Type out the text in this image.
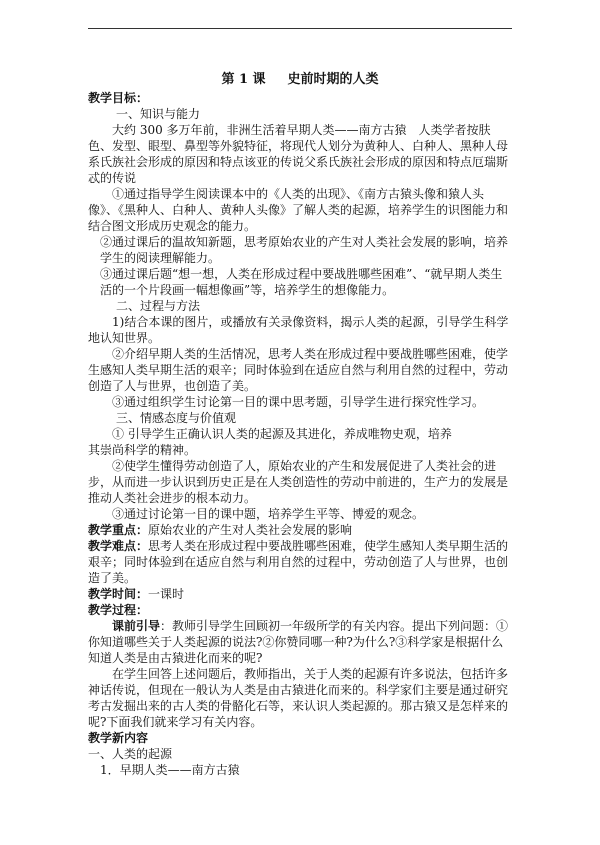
第 1 课 史前时期的人类

教学目标：

一、知识与能力

大约 300 多万年前，非洲生活着早期人类——南方古猿　人类学者按肤色、发型、眼型、鼻型等外貌特征，将现代人划分为黄种人、白种人、黑种人母系氏族社会形成的原因和特点该亚的传说父系氏族社会形成的原因和特点厄瑞斯忒的传说

①通过指导学生阅读课本中的《人类的出现》、《南方古猿头像和猿人头像》、《黑种人、白种人、黄种人头像》了解人类的起源，培养学生的识图能力和结合图文形成历史观念的能力。

②通过课后的温故知新题，思考原始农业的产生对人类社会发展的影响，培养学生的阅读理解能力。

③通过课后题“想一想，人类在形成过程中要战胜哪些困难”、“就早期人类生活的一个片段画一幅想像画”等，培养学生的想像能力。

二、过程与方法

1)结合本课的图片，或播放有关录像资料，揭示人类的起源，引导学生科学地认知世界。

②介绍早期人类的生活情况，思考人类在形成过程中要战胜哪些困难，使学生感知人类早期生活的艰辛；同时体验到在适应自然与利用自然的过程中，劳动创造了人与世界，也创造了美。

③通过组织学生讨论第一目的课中思考题，引导学生进行探究性学习。

三、情感态度与价值观

① 引导学生正确认识人类的起源及其进化，养成唯物史观，培养

其崇尚科学的精神。

②使学生懂得劳动创造了人，原始农业的产生和发展促进了人类社会的进步，从而进一步认识到历史正是在人类创造性的劳动中前进的，生产力的发展是推动人类社会进步的根本动力。

③通过讨论第一目的课中题，培养学生平等、博爱的观念。

教学重点：原始农业的产生对人类社会发展的影响

教学难点：思考人类在形成过程中要战胜哪些困难，使学生感知人类早期生活的艰辛；同时体验到在适应自然与利用自然的过程中，劳动创造了人与世界，也创造了美。

教学时间：一课时

教学过程：

课前引导：教师引导学生回顾初一年级所学的有关内容。提出下列问题：①你知道哪些关于人类起源的说法?②你赞同哪一种?为什么?③科学家是根据什么知道人类是由古猿进化而来的呢?

在学生回答上述问题后，教师指出，关于人类的起源有许多说法，包括许多神话传说，但现在一般认为人类是由古猿进化而来的。科学家们主要是通过研究考古发掘出来的古人类的骨骼化石等，来认识人类起源的。那古猿又是怎样来的呢?下面我们就来学习有关内容。

教学新内容

一、人类的起源

1．早期人类——南方古猿
